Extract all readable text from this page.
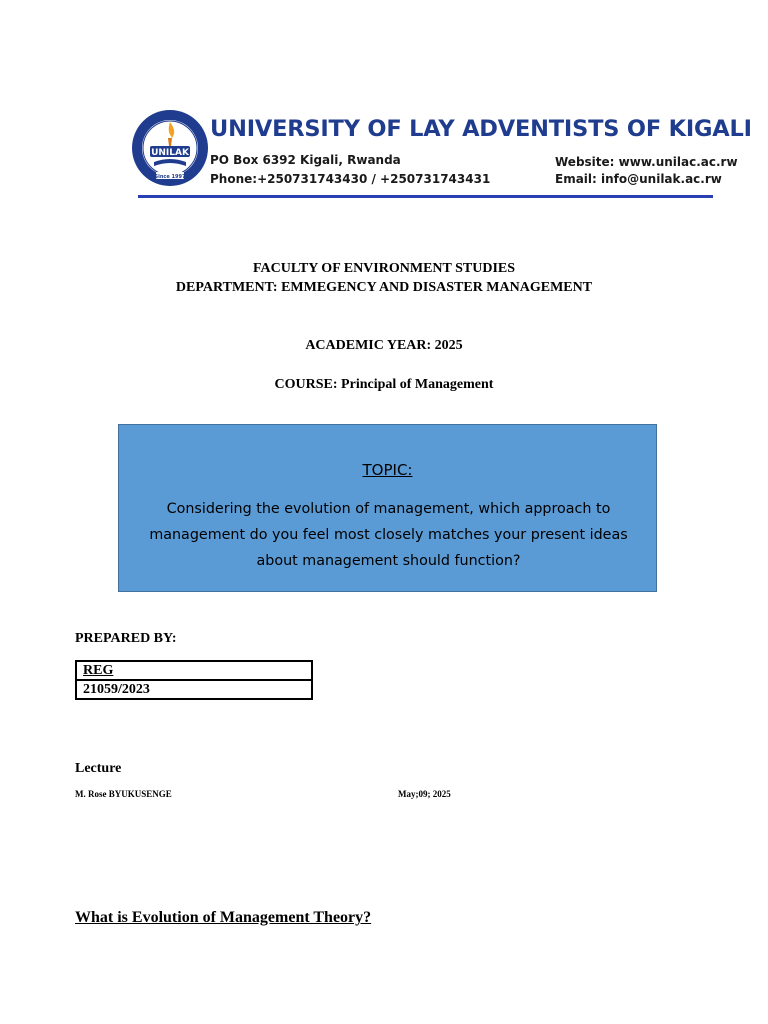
UNILAK
Since 1997
UNIVERSITY OF LAY ADVENTISTS OF KIGALI
PO Box 6392 Kigali, Rwanda
Phone:+250731743430 / +250731743431
Website: www.unilac.ac.rw
Email: info@unilak.ac.rw
FACULTY OF ENVIRONMENT STUDIES
DEPARTMENT: EMMEGENCY AND DISASTER MANAGEMENT
ACADEMIC YEAR: 2025
COURSE: Principal of Management
TOPIC:
Considering the evolution of management, which approach to management do you feel most closely matches your present ideas about management should function?
PREPARED BY:
REG
21059/2023
Lecture
M. Rose BYUKUSENGE	May;09; 2025
What is Evolution of Management Theory?
